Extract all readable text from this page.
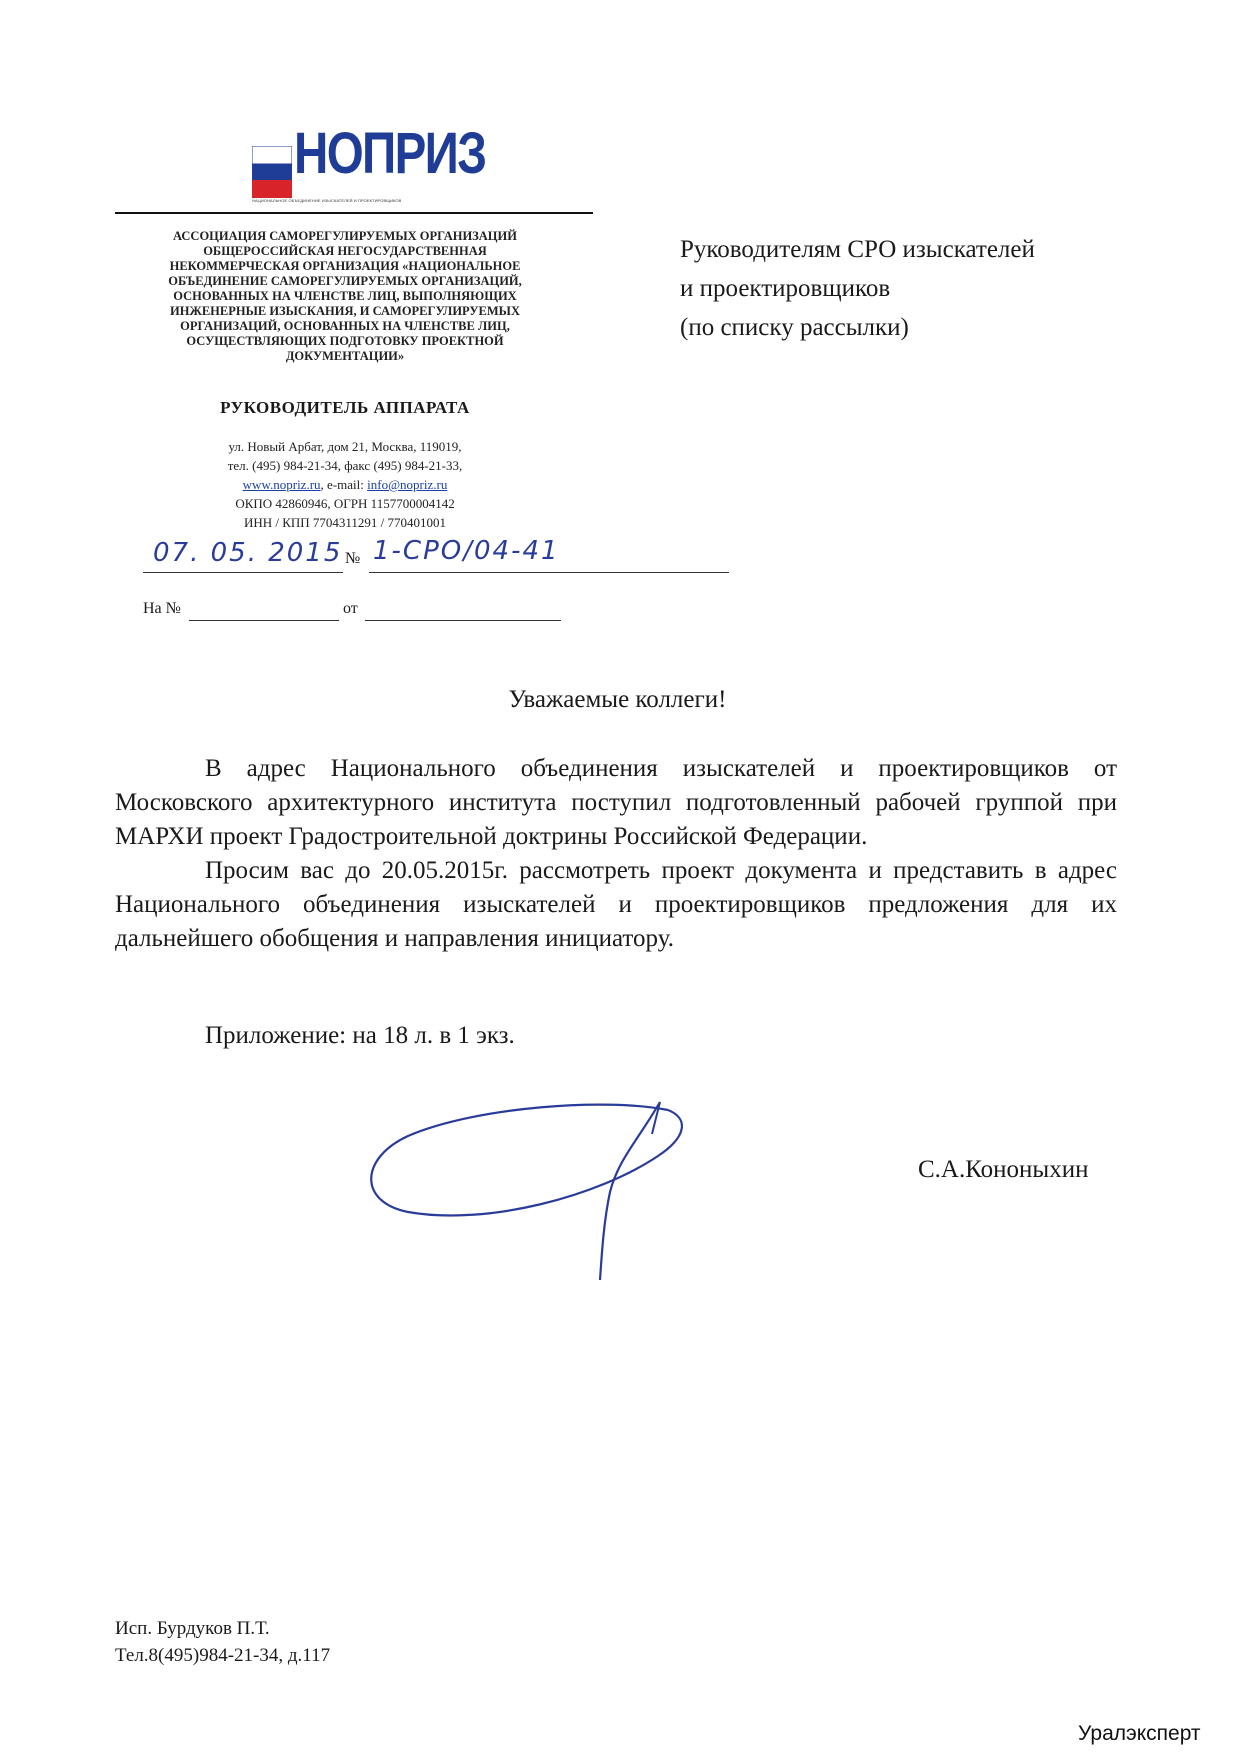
НОПРИЗ
НАЦИОНАЛЬНОЕ ОБЪЕДИНЕНИЕ ИЗЫСКАТЕЛЕЙ И ПРОЕКТИРОВЩИКОВ
АССОЦИАЦИЯ САМОРЕГУЛИРУЕМЫХ ОРГАНИЗАЦИЙ
ОБЩЕРОССИЙСКАЯ НЕГОСУДАРСТВЕННАЯ
НЕКОММЕРЧЕСКАЯ ОРГАНИЗАЦИЯ «НАЦИОНАЛЬНОЕ
ОБЪЕДИНЕНИЕ САМОРЕГУЛИРУЕМЫХ ОРГАНИЗАЦИЙ,
ОСНОВАННЫХ НА ЧЛЕНСТВЕ ЛИЦ, ВЫПОЛНЯЮЩИХ
ИНЖЕНЕРНЫЕ ИЗЫСКАНИЯ, И САМОРЕГУЛИРУЕМЫХ
ОРГАНИЗАЦИЙ, ОСНОВАННЫХ НА ЧЛЕНСТВЕ ЛИЦ,
ОСУЩЕСТВЛЯЮЩИХ ПОДГОТОВКУ ПРОЕКТНОЙ
ДОКУМЕНТАЦИИ»
РУКОВОДИТЕЛЬ АППАРАТА
ул. Новый Арбат, дом 21, Москва, 119019,
тел. (495) 984-21-34, факс (495) 984-21-33,
www.nopriz.ru, e-mail: info@nopriz.ru
ОКПО 42860946, ОГРН 1157700004142
ИНН / КПП 7704311291 / 770401001
07. 05. 2015 № 1-СРО/04-41
На №	от
Руководителям СРО изыскателей
и проектировщиков
(по списку рассылки)
Уважаемые коллеги!

В адрес Национального объединения изыскателей и проектировщиков от Московского архитектурного института поступил подготовленный рабочей группой при МАРХИ проект Градостроительной доктрины Российской Федерации.

Просим вас до 20.05.2015г. рассмотреть проект документа и представить в адрес Национального объединения изыскателей и проектировщиков предложения для их дальнейшего обобщения и направления инициатору.

Приложение: на 18 л. в 1 экз.
С.А.Кононыхин
Исп. Бурдуков П.Т.
Тел.8(495)984-21-34, д.117
Уралэксперт
